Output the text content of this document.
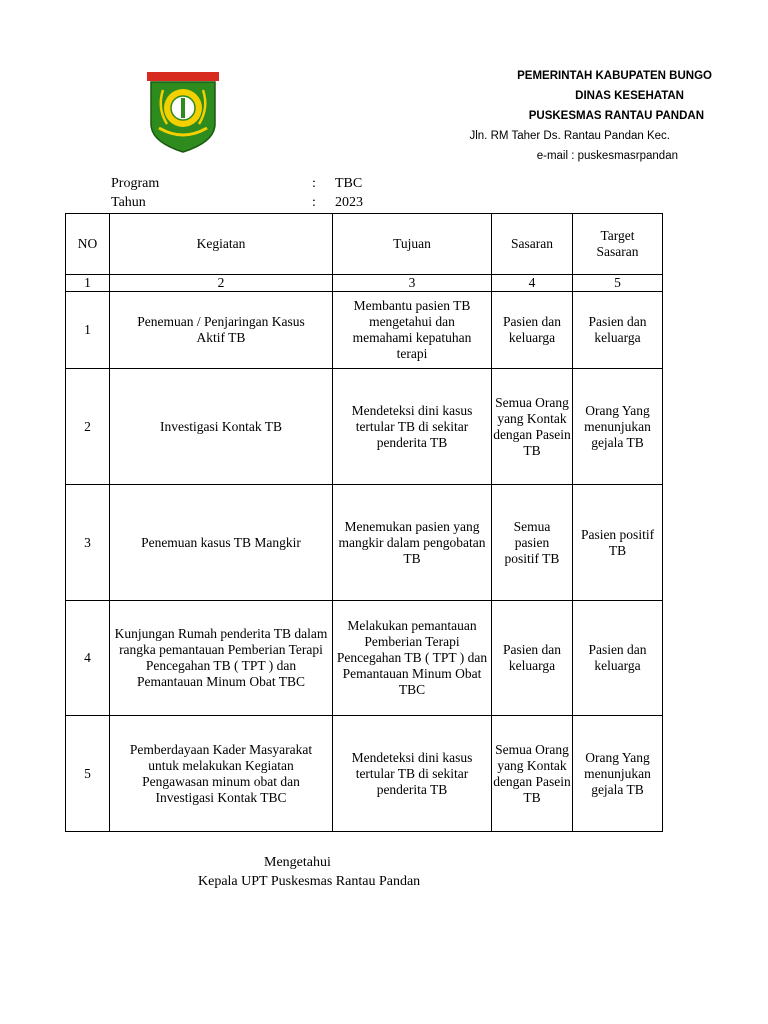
PEMERINTAH KABUPATEN BUNGO
DINAS KESEHATAN
PUSKESMAS RANTAU PANDAN
Jln. RM Taher Ds. Rantau Pandan Kec.
e-mail : puskesmasrpandan
Program	: TBC
Tahun	: 2023
NO	Kegiatan	Tujuan	Sasaran	Target Sasaran
1	2	3	4	5
1	Penemuan / Penjaringan Kasus Aktif TB	Membantu pasien TB mengetahui dan memahami kepatuhan terapi	Pasien dan keluarga	Pasien dan keluarga
2	Investigasi Kontak TB	Mendeteksi dini kasus tertular TB di sekitar penderita TB	Semua Orang yang Kontak dengan Pasein TB	Orang Yang menunjukan gejala TB
3	Penemuan kasus TB Mangkir	Menemukan pasien yang mangkir dalam pengobatan TB	Semua pasien positif TB	Pasien positif TB
4	Kunjungan Rumah penderita TB dalam rangka pemantauan Pemberian Terapi Pencegahan TB ( TPT ) dan Pemantauan Minum Obat TBC	Melakukan pemantauan Pemberian Terapi Pencegahan TB ( TPT ) dan Pemantauan Minum Obat TBC	Pasien dan keluarga	Pasien dan keluarga
5	Pemberdayaan Kader Masyarakat untuk melakukan Kegiatan Pengawasan minum obat dan Investigasi Kontak TBC	Mendeteksi dini kasus tertular TB di sekitar penderita TB	Semua Orang yang Kontak dengan Pasein TB	Orang Yang menunjukan gejala TB
Mengetahui
Kepala UPT Puskesmas Rantau Pandan
